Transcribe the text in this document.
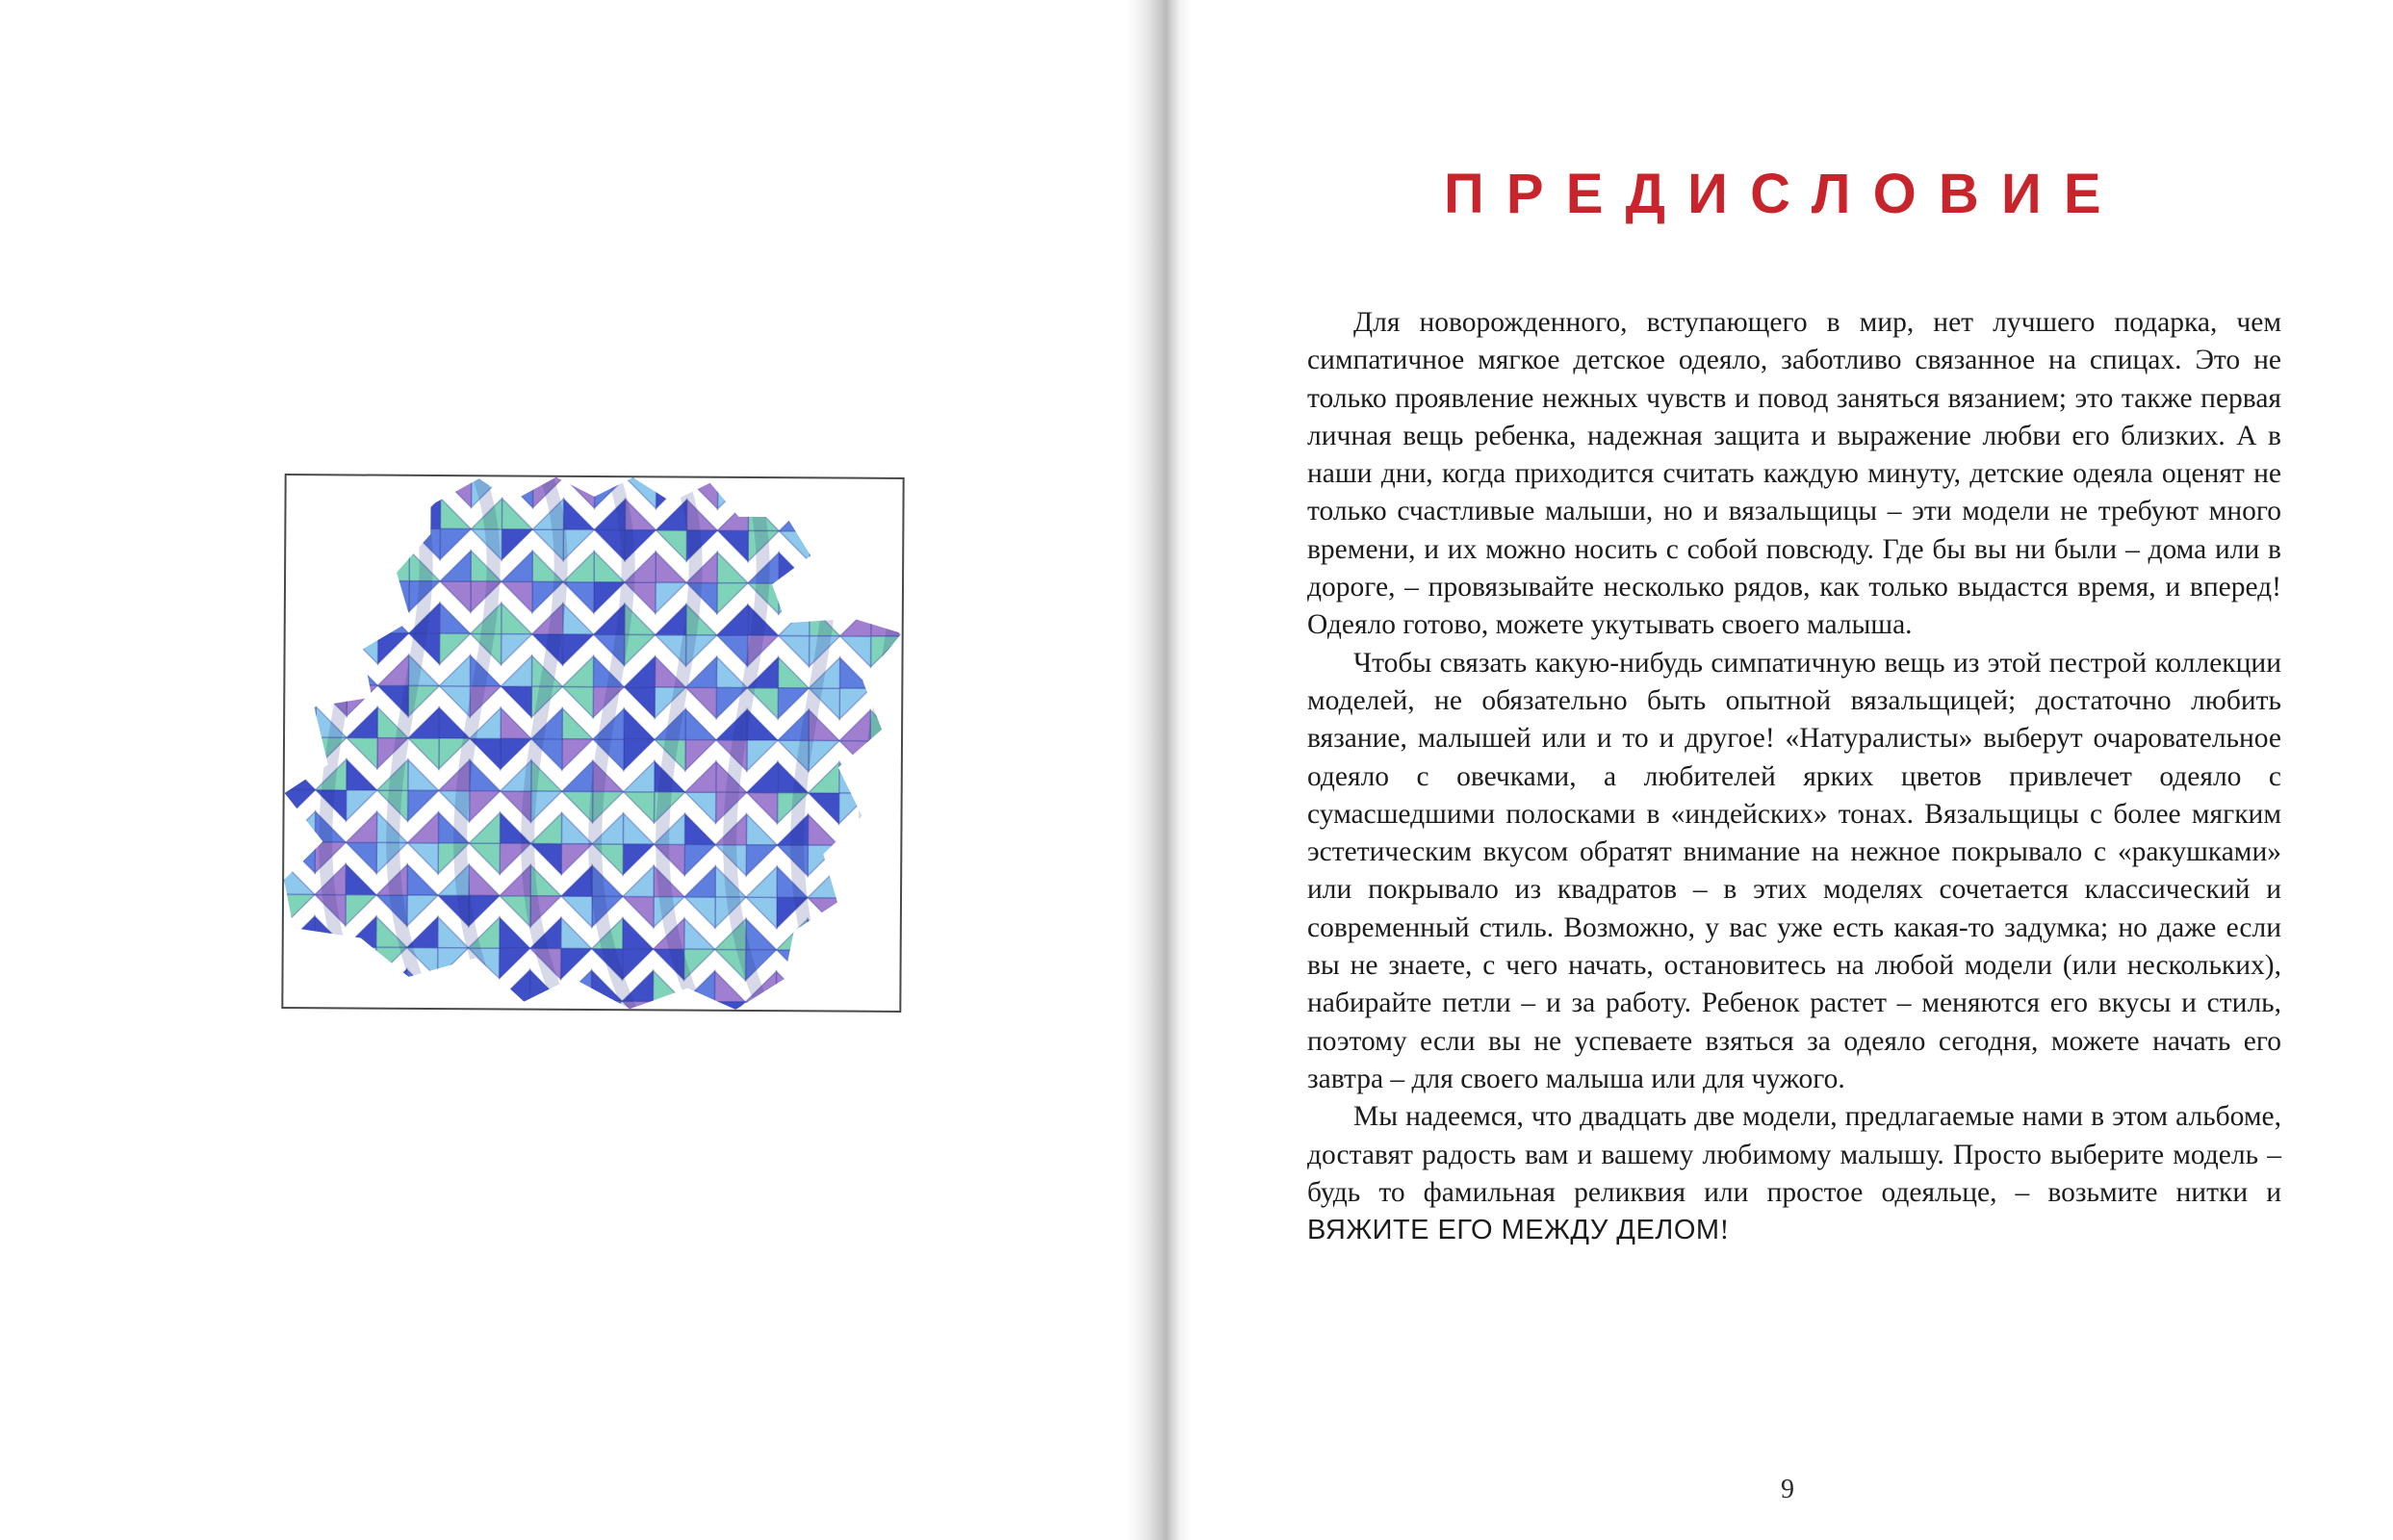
ПРЕДИСЛОВИЕ

Для новорожденного, вступающего в мир, нет лучшего подарка, чем симпатичное мягкое детское одеяло, заботливо связанное на спицах. Это не только проявление нежных чувств и повод заняться вязанием; это также первая личная вещь ребенка, надежная защита и выражение любви его близких. А в наши дни, когда приходится считать каждую минуту, детские одеяла оценят не только счастливые малыши, но и вязальщицы – эти модели не требуют много времени, и их можно носить с собой повсюду. Где бы вы ни были – дома или в дороге, – провязывайте несколько рядов, как только выдастся время, и вперед! Одеяло готово, можете укутывать своего малыша.

Чтобы связать какую-нибудь симпатичную вещь из этой пестрой коллекции моделей, не обязательно быть опытной вязальщицей; достаточно любить вязание, малышей или и то и другое! «Натуралисты» выберут очаровательное одеяло с овечками, а любителей ярких цветов привлечет одеяло с сумасшедшими полосками в «индейских» тонах. Вязальщицы с более мягким эстетическим вкусом обратят внимание на нежное покрывало с «ракушками» или покрывало из квадратов – в этих моделях сочетается классический и современный стиль. Возможно, у вас уже есть какая-то задумка; но даже если вы не знаете, с чего начать, остановитесь на любой модели (или нескольких), набирайте петли – и за работу. Ребенок растет – меняются его вкусы и стиль, поэтому если вы не успеваете взяться за одеяло сегодня, можете начать его завтра – для своего малыша или для чужого.

Мы надеемся, что двадцать две модели, предлагаемые нами в этом альбоме, доставят радость вам и вашему любимому малышу. Просто выберите модель – будь то фамильная реликвия или простое одеяльце, – возьмите нитки и ВЯЖИТЕ ЕГО МЕЖДУ ДЕЛОМ!

9
